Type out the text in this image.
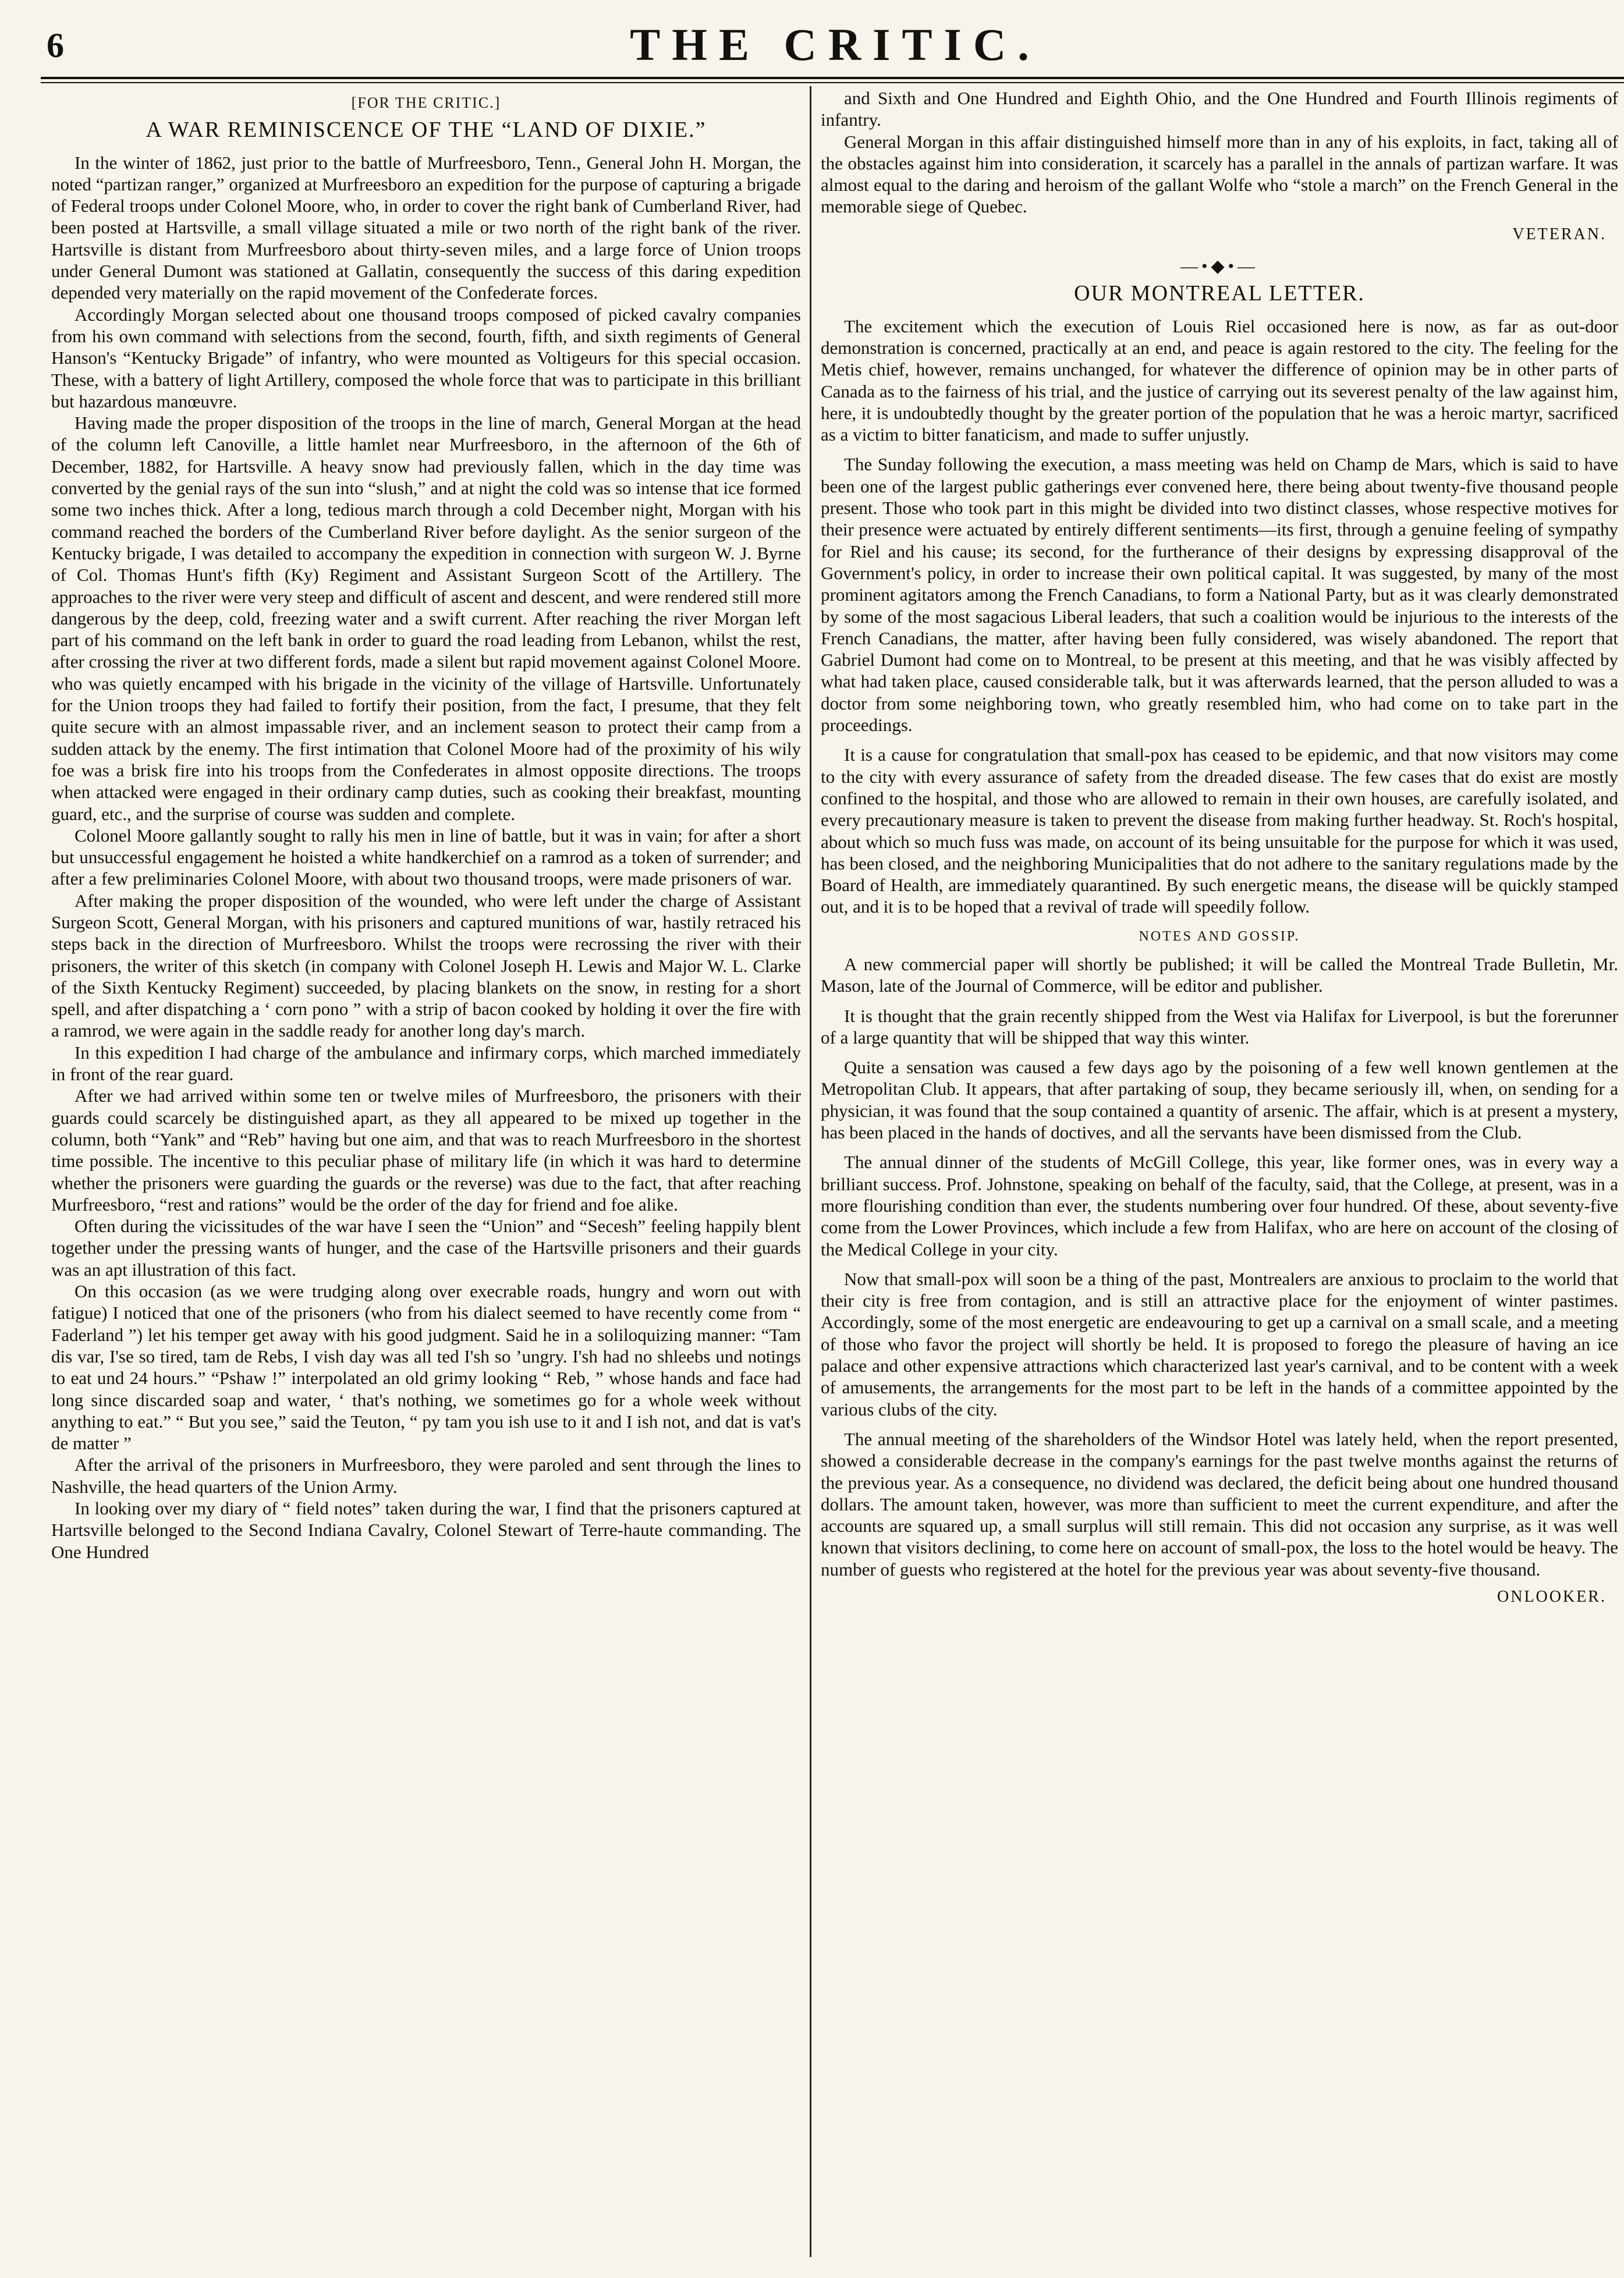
6	THE CRITIC.
[FOR THE CRITIC.]
A WAR REMINISCENCE OF THE “LAND OF DIXIE.”

In the winter of 1862, just prior to the battle of Murfreesboro, Tenn., General John H. Morgan, the noted “partizan ranger,” organized at Murfreesboro an expedition for the purpose of capturing a brigade of Federal troops under Colonel Moore, who, in order to cover the right bank of Cumberland River, had been posted at Hartsville, a small village situated a mile or two north of the right bank of the river. Hartsville is distant from Murfreesboro about thirty-seven miles, and a large force of Union troops under General Dumont was stationed at Gallatin, consequently the success of this daring expedition depended very materially on the rapid movement of the Confederate forces.

Accordingly Morgan selected about one thousand troops composed of picked cavalry companies from his own command with selections from the second, fourth, fifth, and sixth regiments of General Hanson's “Kentucky Brigade” of infantry, who were mounted as Voltigeurs for this special occasion. These, with a battery of light Artillery, composed the whole force that was to participate in this brilliant but hazardous manœuvre.

Having made the proper disposition of the troops in the line of march, General Morgan at the head of the column left Canoville, a little hamlet near Murfreesboro, in the afternoon of the 6th of December, 1882, for Hartsville. A heavy snow had previously fallen, which in the day time was converted by the genial rays of the sun into “slush,” and at night the cold was so intense that ice formed some two inches thick. After a long, tedious march through a cold December night, Morgan with his command reached the borders of the Cumberland River before daylight. As the senior surgeon of the Kentucky brigade, I was detailed to accompany the expedition in connection with surgeon W. J. Byrne of Col. Thomas Hunt's fifth (Ky) Regiment and Assistant Surgeon Scott of the Artillery. The approaches to the river were very steep and difficult of ascent and descent, and were rendered still more dangerous by the deep, cold, freezing water and a swift current. After reaching the river Morgan left part of his command on the left bank in order to guard the road leading from Lebanon, whilst the rest, after crossing the river at two different fords, made a silent but rapid movement against Colonel Moore. who was quietly encamped with his brigade in the vicinity of the village of Hartsville. Unfortunately for the Union troops they had failed to fortify their position, from the fact, I presume, that they felt quite secure with an almost impassable river, and an inclement season to protect their camp from a sudden attack by the enemy. The first intimation that Colonel Moore had of the proximity of his wily foe was a brisk fire into his troops from the Confederates in almost opposite directions. The troops when attacked were engaged in their ordinary camp duties, such as cooking their breakfast, mounting guard, etc., and the surprise of course was sudden and complete.

Colonel Moore gallantly sought to rally his men in line of battle, but it was in vain; for after a short but unsuccessful engagement he hoisted a white handkerchief on a ramrod as a token of surrender; and after a few preliminaries Colonel Moore, with about two thousand troops, were made prisoners of war.

After making the proper disposition of the wounded, who were left under the charge of Assistant Surgeon Scott, General Morgan, with his prisoners and captured munitions of war, hastily retraced his steps back in the direction of Murfreesboro. Whilst the troops were recrossing the river with their prisoners, the writer of this sketch (in company with Colonel Joseph H. Lewis and Major W. L. Clarke of the Sixth Kentucky Regiment) succeeded, by placing blankets on the snow, in resting for a short spell, and after dispatching a ‘ corn pono ” with a strip of bacon cooked by holding it over the fire with a ramrod, we were again in the saddle ready for another long day's march.

In this expedition I had charge of the ambulance and infirmary corps, which marched immediately in front of the rear guard.

After we had arrived within some ten or twelve miles of Murfreesboro, the prisoners with their guards could scarcely be distinguished apart, as they all appeared to be mixed up together in the column, both “Yank” and “Reb” having but one aim, and that was to reach Murfreesboro in the shortest time possible. The incentive to this peculiar phase of military life (in which it was hard to determine whether the prisoners were guarding the guards or the reverse) was due to the fact, that after reaching Murfreesboro, “rest and rations” would be the order of the day for friend and foe alike.

Often during the vicissitudes of the war have I seen the “Union” and “Secesh” feeling happily blent together under the pressing wants of hunger, and the case of the Hartsville prisoners and their guards was an apt illustration of this fact.

On this occasion (as we were trudging along over execrable roads, hungry and worn out with fatigue) I noticed that one of the prisoners (who from his dialect seemed to have recently come from “ Faderland ”) let his temper get away with his good judgment. Said he in a soliloquizing manner: “Tam dis var, I'se so tired, tam de Rebs, I vish day was all ted I'sh so ’ungry. I'sh had no shleebs und notings to eat und 24 hours.” “Pshaw !” interpolated an old grimy looking “ Reb, ” whose hands and face had long since discarded soap and water, ‘ that's nothing, we sometimes go for a whole week without anything to eat.” “ But you see,” said the Teuton, “ py tam you ish use to it and I ish not, and dat is vat's de matter ”

After the arrival of the prisoners in Murfreesboro, they were paroled and sent through the lines to Nashville, the head quarters of the Union Army.

In looking over my diary of “ field notes” taken during the war, I find that the prisoners captured at Hartsville belonged to the Second Indiana Cavalry, Colonel Stewart of Terre-haute commanding. The One Hundred

and Sixth and One Hundred and Eighth Ohio, and the One Hundred and Fourth Illinois regiments of infantry.

General Morgan in this affair distinguished himself more than in any of his exploits, in fact, taking all of the obstacles against him into consideration, it scarcely has a parallel in the annals of partizan warfare. It was almost equal to the daring and heroism of the gallant Wolfe who “stole a march” on the French General in the memorable siege of Quebec.

VETERAN.
—•◆•—
OUR MONTREAL LETTER.

The excitement which the execution of Louis Riel occasioned here is now, as far as out-door demonstration is concerned, practically at an end, and peace is again restored to the city. The feeling for the Metis chief, however, remains unchanged, for whatever the difference of opinion may be in other parts of Canada as to the fairness of his trial, and the justice of carrying out its severest penalty of the law against him, here, it is undoubtedly thought by the greater portion of the population that he was a heroic martyr, sacrificed as a victim to bitter fanaticism, and made to suffer unjustly.

The Sunday following the execution, a mass meeting was held on Champ de Mars, which is said to have been one of the largest public gatherings ever convened here, there being about twenty-five thousand people present. Those who took part in this might be divided into two distinct classes, whose respective motives for their presence were actuated by entirely different sentiments—its first, through a genuine feeling of sympathy for Riel and his cause; its second, for the furtherance of their designs by expressing disapproval of the Government's policy, in order to increase their own political capital. It was suggested, by many of the most prominent agitators among the French Canadians, to form a National Party, but as it was clearly demonstrated by some of the most sagacious Liberal leaders, that such a coalition would be injurious to the interests of the French Canadians, the matter, after having been fully considered, was wisely abandoned. The report that Gabriel Dumont had come on to Montreal, to be present at this meeting, and that he was visibly affected by what had taken place, caused considerable talk, but it was afterwards learned, that the person alluded to was a doctor from some neighboring town, who greatly resembled him, who had come on to take part in the proceedings.

It is a cause for congratulation that small-pox has ceased to be epidemic, and that now visitors may come to the city with every assurance of safety from the dreaded disease. The few cases that do exist are mostly confined to the hospital, and those who are allowed to remain in their own houses, are carefully isolated, and every precautionary measure is taken to prevent the disease from making further headway. St. Roch's hospital, about which so much fuss was made, on account of its being unsuitable for the purpose for which it was used, has been closed, and the neighboring Municipalities that do not adhere to the sanitary regulations made by the Board of Health, are immediately quarantined. By such energetic means, the disease will be quickly stamped out, and it is to be hoped that a revival of trade will speedily follow.

NOTES AND GOSSIP.

A new commercial paper will shortly be published; it will be called the Montreal Trade Bulletin, Mr. Mason, late of the Journal of Commerce, will be editor and publisher.

It is thought that the grain recently shipped from the West via Halifax for Liverpool, is but the forerunner of a large quantity that will be shipped that way this winter.

Quite a sensation was caused a few days ago by the poisoning of a few well known gentlemen at the Metropolitan Club. It appears, that after partaking of soup, they became seriously ill, when, on sending for a physician, it was found that the soup contained a quantity of arsenic. The affair, which is at present a mystery, has been placed in the hands of doctives, and all the servants have been dismissed from the Club.

The annual dinner of the students of McGill College, this year, like former ones, was in every way a brilliant success. Prof. Johnstone, speaking on behalf of the faculty, said, that the College, at present, was in a more flourishing condition than ever, the students numbering over four hundred. Of these, about seventy-five come from the Lower Provinces, which include a few from Halifax, who are here on account of the closing of the Medical College in your city.

Now that small-pox will soon be a thing of the past, Montrealers are anxious to proclaim to the world that their city is free from contagion, and is still an attractive place for the enjoyment of winter pastimes. Accordingly, some of the most energetic are endeavouring to get up a carnival on a small scale, and a meeting of those who favor the project will shortly be held. It is proposed to forego the pleasure of having an ice palace and other expensive attractions which characterized last year's carnival, and to be content with a week of amusements, the arrangements for the most part to be left in the hands of a committee appointed by the various clubs of the city.

The annual meeting of the shareholders of the Windsor Hotel was lately held, when the report presented, showed a considerable decrease in the company's earnings for the past twelve months against the returns of the previous year. As a consequence, no dividend was declared, the deficit being about one hundred thousand dollars. The amount taken, however, was more than sufficient to meet the current expenditure, and after the accounts are squared up, a small surplus will still remain. This did not occasion any surprise, as it was well known that visitors declining, to come here on account of small-pox, the loss to the hotel would be heavy. The number of guests who registered at the hotel for the previous year was about seventy-five thousand.

ONLOOKER.
